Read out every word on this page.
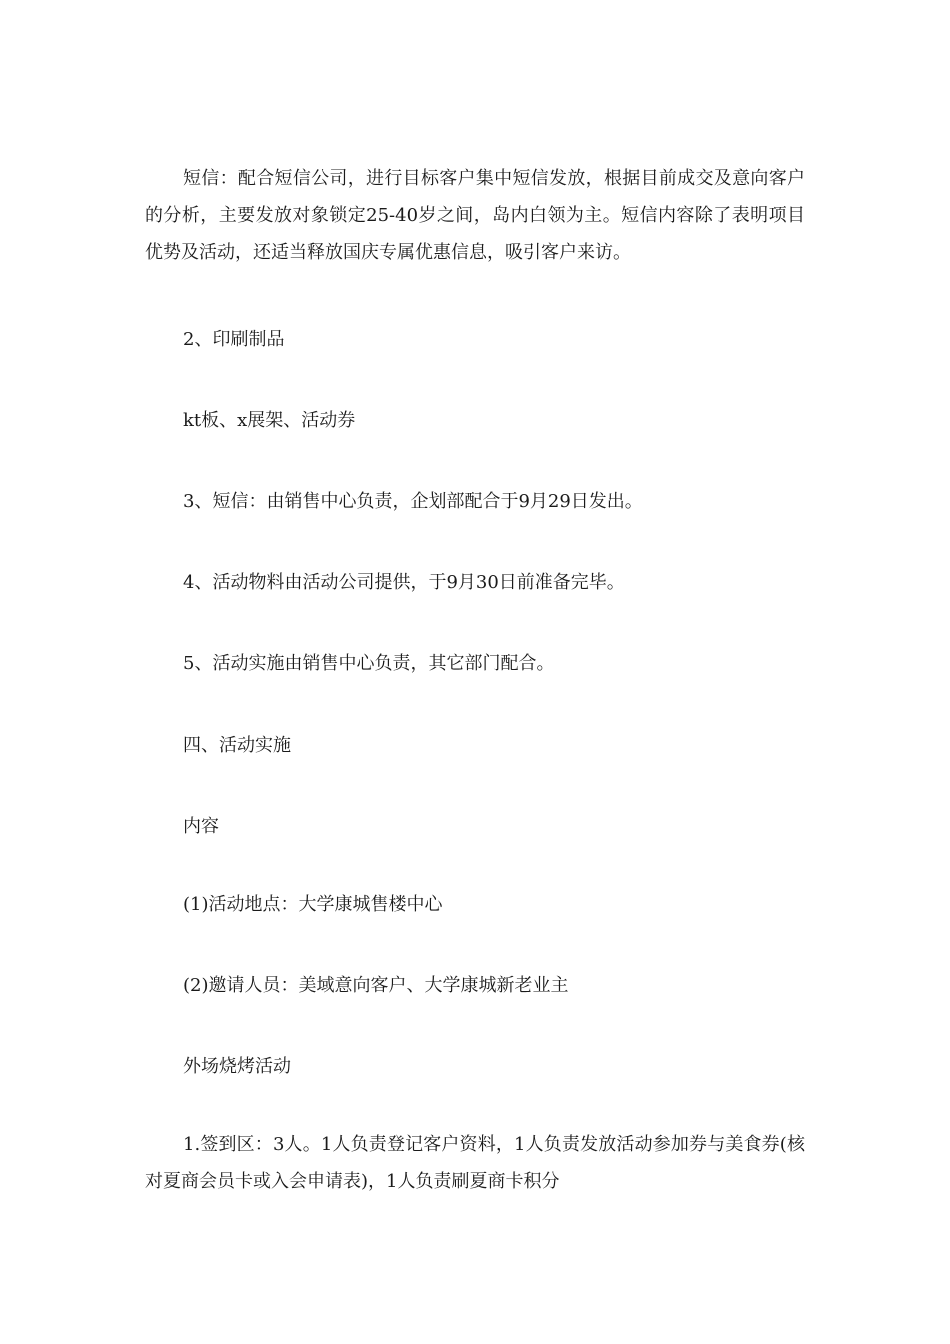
短信：配合短信公司，进行目标客户集中短信发放，根据目前成交及意向客户的分析，主要发放对象锁定25-40岁之间，岛内白领为主。短信内容除了表明项目优势及活动，还适当释放国庆专属优惠信息，吸引客户来访。

2、印刷制品

kt板、x展架、活动券

3、短信：由销售中心负责，企划部配合于9月29日发出。

4、活动物料由活动公司提供，于9月30日前准备完毕。

5、活动实施由销售中心负责，其它部门配合。

四、活动实施

内容

(1)活动地点：大学康城售楼中心

(2)邀请人员：美域意向客户、大学康城新老业主

外场烧烤活动

1.签到区：3人。1人负责登记客户资料，1人负责发放活动参加券与美食券(核对夏商会员卡或入会申请表)，1人负责刷夏商卡积分
